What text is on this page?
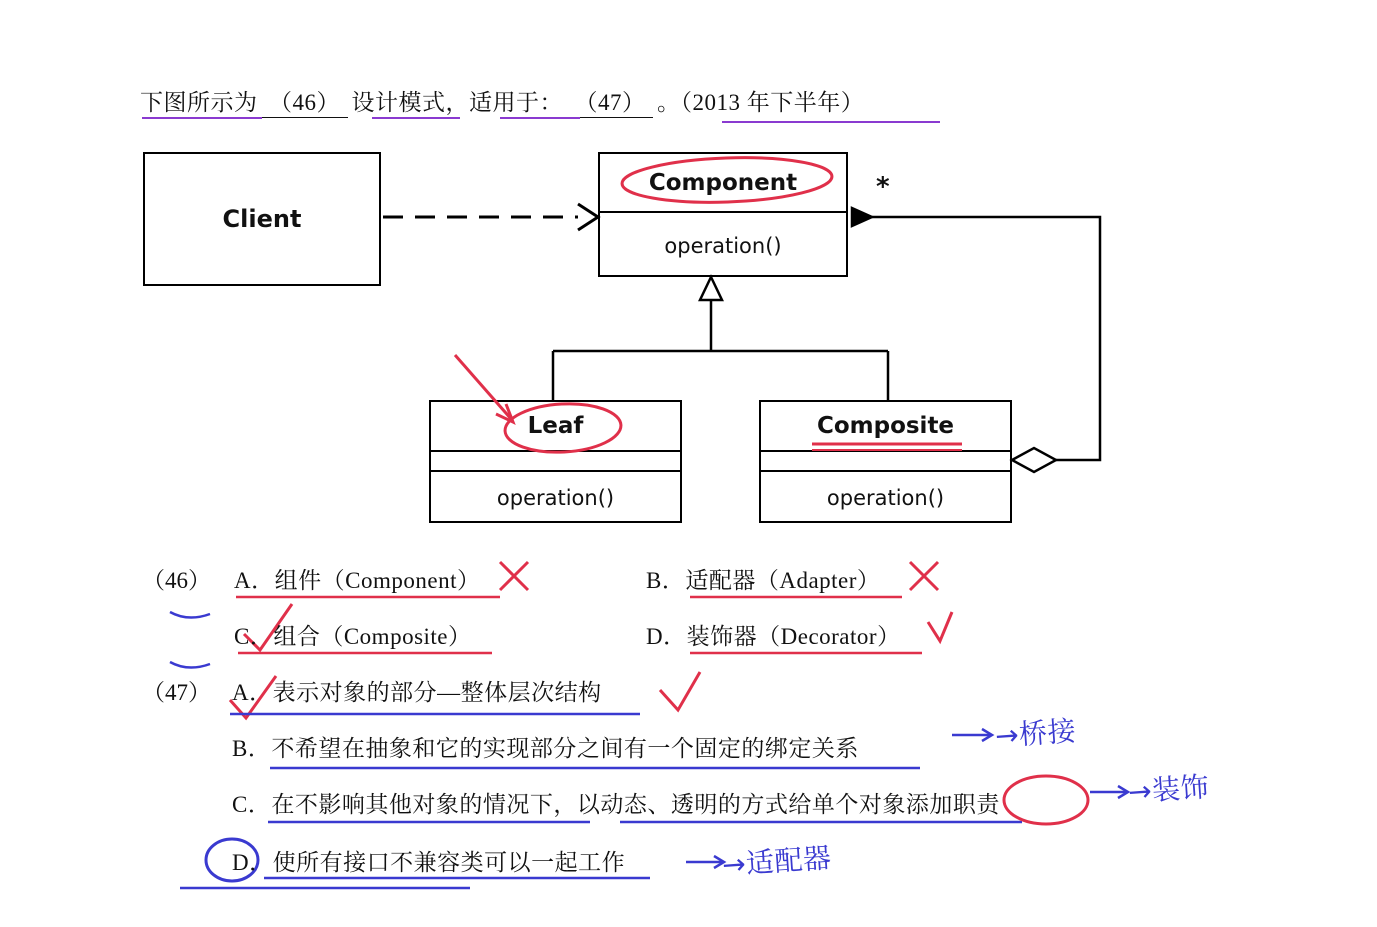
下图所示为 （46） 设计模式，适用于： （47） 。（2013 年下半年）
Client
Component
operation()
Leaf
operation()
Composite
operation()
*
（46） A．组件（Component）	B．适配器（Adapter）
C．组合（Composite）	D．装饰器（Decorator）
（47） A．表示对象的部分—整体层次结构
B．不希望在抽象和它的实现部分之间有一个固定的绑定关系
C．在不影响其他对象的情况下，以动态、透明的方式给单个对象添加职责
D．使所有接口不兼容类可以一起工作
→桥接
→装饰
→适配器
